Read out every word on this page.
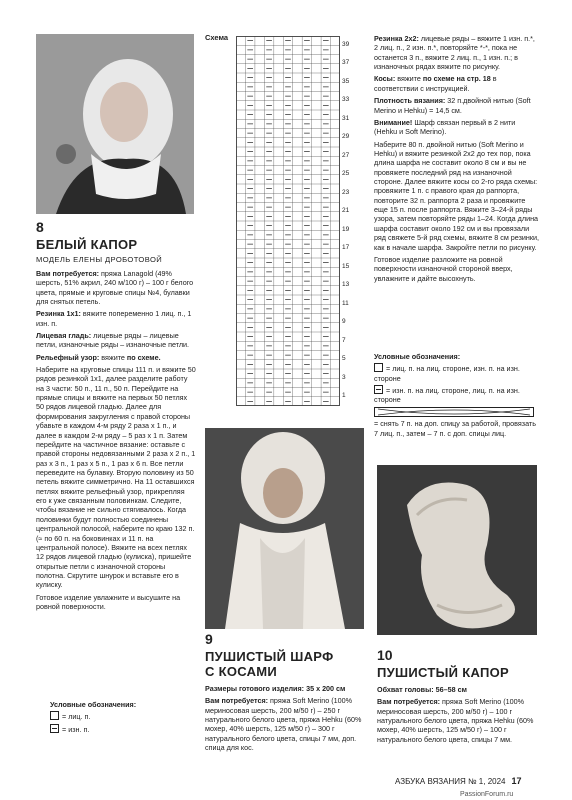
8
БЕЛЫЙ КАПОР
МОДЕЛЬ ЕЛЕНЫ ДРОБОТОВОЙ

Вам потребуется: пряжа Lanagold (49% шерсть, 51% акрил, 240 м/100 г) – 100 г белого цвета, прямые и круговые спицы №4, булавки для снятых петель.

Резинка 1х1: вяжите попеременно 1 лиц. п., 1 изн. п.

Лицевая гладь: лицевые ряды – лицевые петли, изнаночные ряды – изнаночные петли.

Рельефный узор: вяжите по схеме.

Наберите на круговые спицы 111 п. и вяжите 50 рядов резинкой 1х1, далее разделите работу на 3 части: 50 п., 11 п., 50 п. Перейдите на прямые спицы и вяжите на первых 50 петлях 50 рядов лицевой гладью. Далее для формирования закругления с правой стороны убавьте в каждом 4-м ряду 2 раза х 1 п., и далее в каждом 2-м ряду – 5 раз х 1 п. Затем перейдите на частичное вязание: оставьте с правой стороны недовязанными 2 раза х 2 п., 1 раз х 3 п., 1 раз х 5 п., 1 раз х 6 п. Все петли переведите на булавку. Вторую половину из 50 петель вяжите симметрично. На 11 оставшихся петлях вяжите рельефный узор, прикрепляя его к уже связанным половинкам. Следите, чтобы вязание не сильно стягивалось. Когда половинки будут полностью соединены центральной полосой, наберите по краю 132 п. (≈ по 60 п. на боковинках и 11 п. на центральной полосе). Вяжите на всех петлях 12 рядов лицевой гладью (кулиска), пришейте открытые петли с изнаночной стороны полотна. Скрутите шнурок и вставьте его в кулиску.

Готовое изделие увлажните и высушите на ровной поверхности.

Условные обозначения:
= лиц. п.
= изн. п.
Схема
39
37
35
33
31
29
27
25
23
21
19
17
15
13
11
9
7
5
3
1
9
ПУШИСТЫЙ ШАРФ
С КОСАМИ

Размеры готового изделия: 35 х 200 см

Вам потребуется: пряжа Soft Merino (100% мериносовая шерсть, 200 м/50 г) – 250 г натурального белого цвета, пряжа Hehku (60% мохер, 40% шерсть, 125 м/50 г) – 300 г натурального белого цвета, спицы 7 мм, доп. спица для кос.

Резинка 2х2: лицевые ряды – вяжите 1 изн. п.*, 2 лиц. п., 2 изн. п.*, повторяйте *-*, пока не останется 3 п., вяжите 2 лиц. п., 1 изн. п.; в изнаночных рядах вяжите по рисунку.

Косы: вяжите по схеме на стр. 18 в соответствии с инструкцией.

Плотность вязания: 32 п.двойной нитью (Soft Merino и Hehku) = 14,5 см.

Внимание! Шарф связан первый в 2 нити (Hehku и Soft Merino).

Наберите 80 п. двойной нитью (Soft Merino и Hehku) и вяжите резинкой 2х2 до тех пор, пока длина шарфа не составит около 8 см и вы не провяжете последний ряд на изнаночной стороне. Далее вяжите косы со 2-го ряда схемы: провяжите 1 п. с правого края до раппорта, повторите 32 п. раппорта 2 раза и провяжите еще 15 п. после раппорта. Вяжите 3–24-й ряды узора, затем повторяйте ряды 1–24. Когда длина шарфа составит около 192 см и вы провязали ряд свяжете 5-й ряд схемы, вяжите 8 см резинки, как в начале шарфа. Закройте петли по рисунку.

Готовое изделие разложите на ровной поверхности изнаночной стороной вверх, увлажните и дайте высохнуть.

Условные обозначения:
= лиц. п. на лиц. стороне, изн. п. на изн. стороне
= изн. п. на лиц. стороне, лиц. п. на изн. стороне
= снять 7 п. на доп. спицу за работой, провязать 7 лиц. п., затем – 7 п. с доп. спицы лиц.
10
ПУШИСТЫЙ КАПОР

Обхват головы: 56–58 см

Вам потребуется: пряжа Soft Merino (100% мериносовая шерсть, 200 м/50 г) – 100 г натурального белого цвета, пряжа Hehku (60% мохер, 40% шерсть, 125 м/50 г) – 100 г натурального белого цвета, спицы 7 мм.

АЗБУКА ВЯЗАНИЯ № 1, 2024 17
PassionForum.ru
